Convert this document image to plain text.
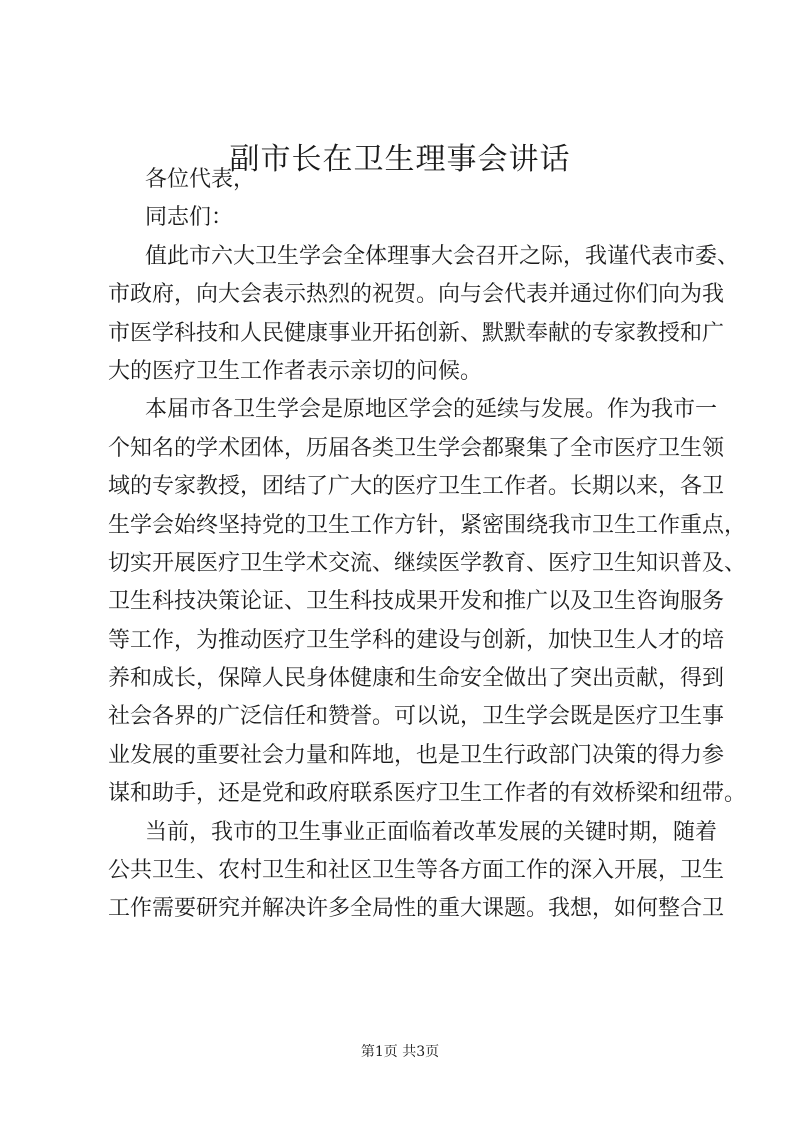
副市长在卫生理事会讲话
各位代表，
同志们：
值此市六大卫生学会全体理事大会召开之际，我谨代表市委、
市政府，向大会表示热烈的祝贺。向与会代表并通过你们向为我
市医学科技和人民健康事业开拓创新、默默奉献的专家教授和广
大的医疗卫生工作者表示亲切的问候。
本届市各卫生学会是原地区学会的延续与发展。作为我市一
个知名的学术团体，历届各类卫生学会都聚集了全市医疗卫生领
域的专家教授，团结了广大的医疗卫生工作者。长期以来，各卫
生学会始终坚持党的卫生工作方针，紧密围绕我市卫生工作重点，
切实开展医疗卫生学术交流、继续医学教育、医疗卫生知识普及、
卫生科技决策论证、卫生科技成果开发和推广以及卫生咨询服务
等工作，为推动医疗卫生学科的建设与创新，加快卫生人才的培
养和成长，保障人民身体健康和生命安全做出了突出贡献，得到
社会各界的广泛信任和赞誉。可以说，卫生学会既是医疗卫生事
业发展的重要社会力量和阵地，也是卫生行政部门决策的得力参
谋和助手，还是党和政府联系医疗卫生工作者的有效桥梁和纽带。
当前，我市的卫生事业正面临着改革发展的关键时期，随着
公共卫生、农村卫生和社区卫生等各方面工作的深入开展，卫生
工作需要研究并解决许多全局性的重大课题。我想，如何整合卫
第1页 共3页
